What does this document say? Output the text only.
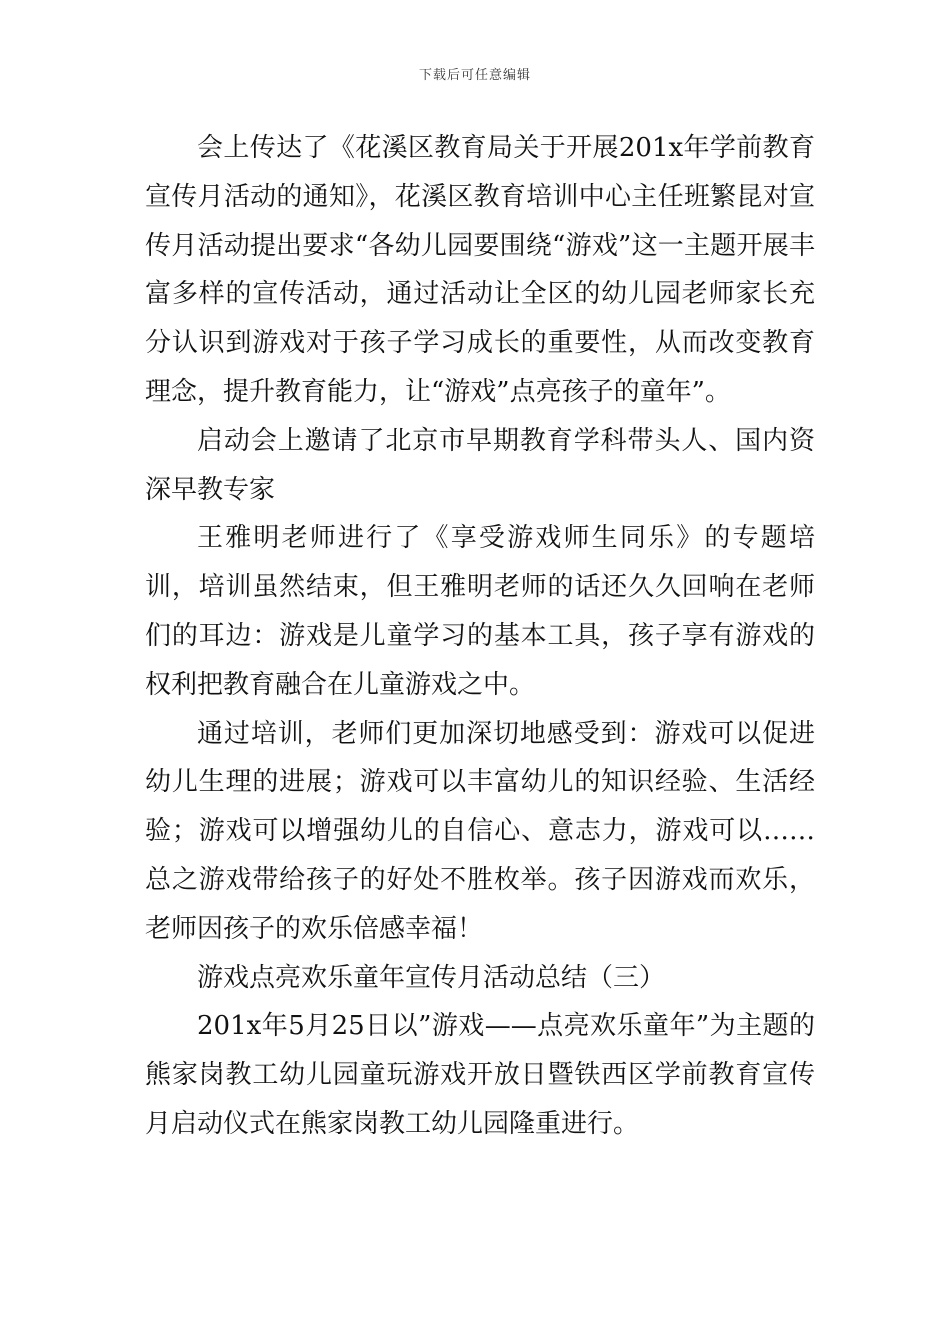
下载后可任意编辑

会上传达了《花溪区教育局关于开展201x年学前教育宣传月活动的通知》，花溪区教育培训中心主任班繁昆对宣传月活动提出要求“各幼儿园要围绕“游戏”这一主题开展丰富多样的宣传活动，通过活动让全区的幼儿园老师家长充分认识到游戏对于孩子学习成长的重要性，从而改变教育理念，提升教育能力，让“游戏”点亮孩子的童年”。

启动会上邀请了北京市早期教育学科带头人、国内资深早教专家

王雅明老师进行了《享受游戏师生同乐》的专题培训，培训虽然结束，但王雅明老师的话还久久回响在老师们的耳边：游戏是儿童学习的基本工具，孩子享有游戏的权利把教育融合在儿童游戏之中。

通过培训，老师们更加深切地感受到：游戏可以促进幼儿生理的进展；游戏可以丰富幼儿的知识经验、生活经验；游戏可以增强幼儿的自信心、意志力，游戏可以……总之游戏带给孩子的好处不胜枚举。孩子因游戏而欢乐，老师因孩子的欢乐倍感幸福！

游戏点亮欢乐童年宣传月活动总结（三）

201x年5月25日以”游戏——点亮欢乐童年”为主题的熊家岗教工幼儿园童玩游戏开放日暨铁西区学前教育宣传月启动仪式在熊家岗教工幼儿园隆重进行。
